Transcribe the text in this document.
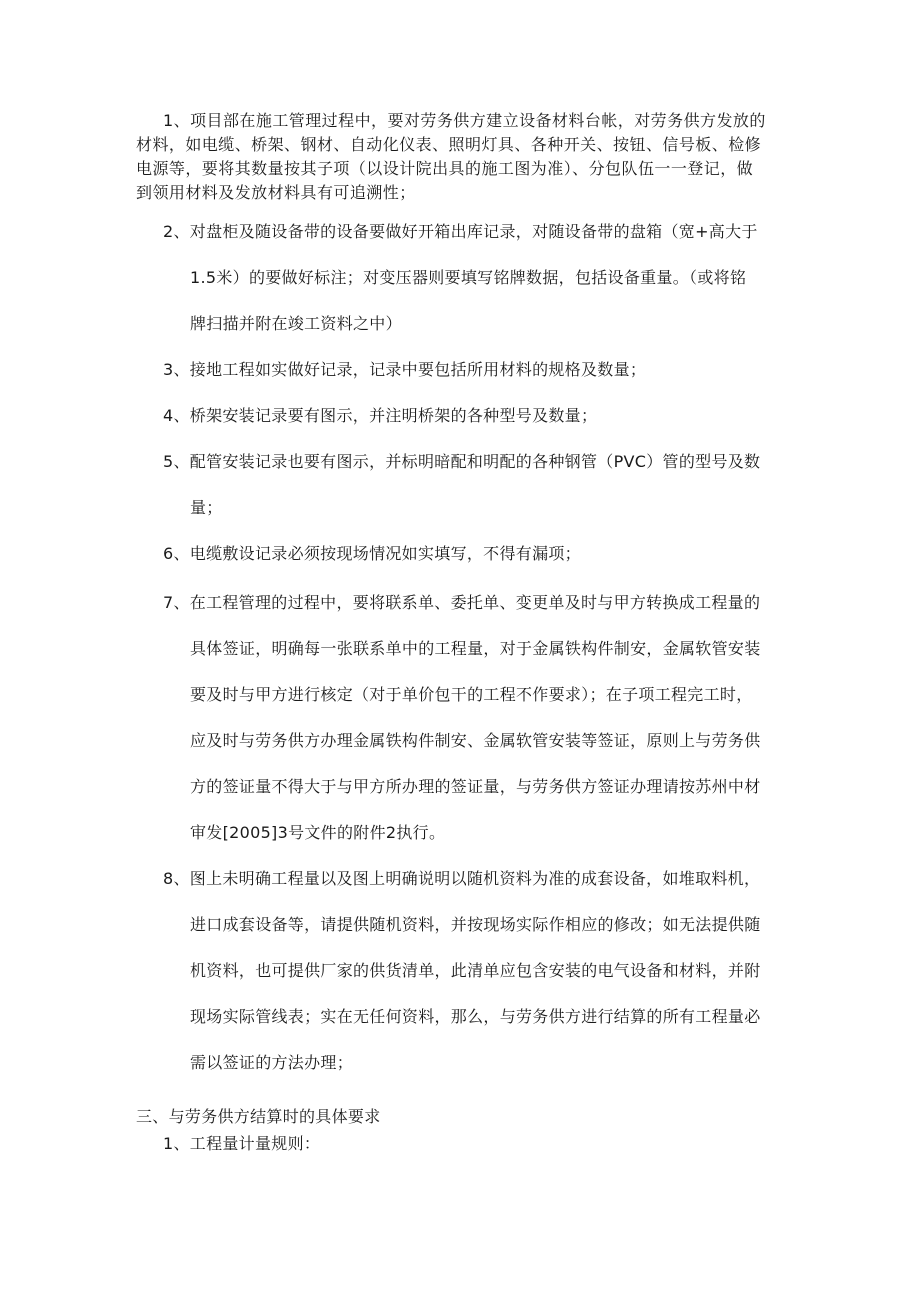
1、项目部在施工管理过程中，要对劳务供方建立设备材料台帐，对劳务供方发放的
材料，如电缆、桥架、钢材、自动化仪表、照明灯具、各种开关、按钮、信号板、检修
电源等，要将其数量按其子项（以设计院出具的施工图为准）、分包队伍一一登记，做
到领用材料及发放材料具有可追溯性；
2、对盘柜及随设备带的设备要做好开箱出库记录，对随设备带的盘箱（宽+高大于
1.5米）的要做好标注；对变压器则要填写铭牌数据，包括设备重量。（或将铭
牌扫描并附在竣工资料之中）
3、接地工程如实做好记录，记录中要包括所用材料的规格及数量；
4、桥架安装记录要有图示，并注明桥架的各种型号及数量；
5、配管安装记录也要有图示，并标明暗配和明配的各种钢管（PVC）管的型号及数
量；
6、电缆敷设记录必须按现场情况如实填写，不得有漏项；
7、在工程管理的过程中，要将联系单、委托单、变更单及时与甲方转换成工程量的
具体签证，明确每一张联系单中的工程量，对于金属铁构件制安，金属软管安装
要及时与甲方进行核定（对于单价包干的工程不作要求）；在子项工程完工时，
应及时与劳务供方办理金属铁构件制安、金属软管安装等签证，原则上与劳务供
方的签证量不得大于与甲方所办理的签证量，与劳务供方签证办理请按苏州中材
审发[2005]3号文件的附件2执行。
8、图上未明确工程量以及图上明确说明以随机资料为准的成套设备，如堆取料机，
进口成套设备等，请提供随机资料，并按现场实际作相应的修改；如无法提供随
机资料，也可提供厂家的供货清单，此清单应包含安装的电气设备和材料，并附
现场实际管线表；实在无任何资料，那么，与劳务供方进行结算的所有工程量必
需以签证的方法办理；
三、与劳务供方结算时的具体要求
1、工程量计量规则：
